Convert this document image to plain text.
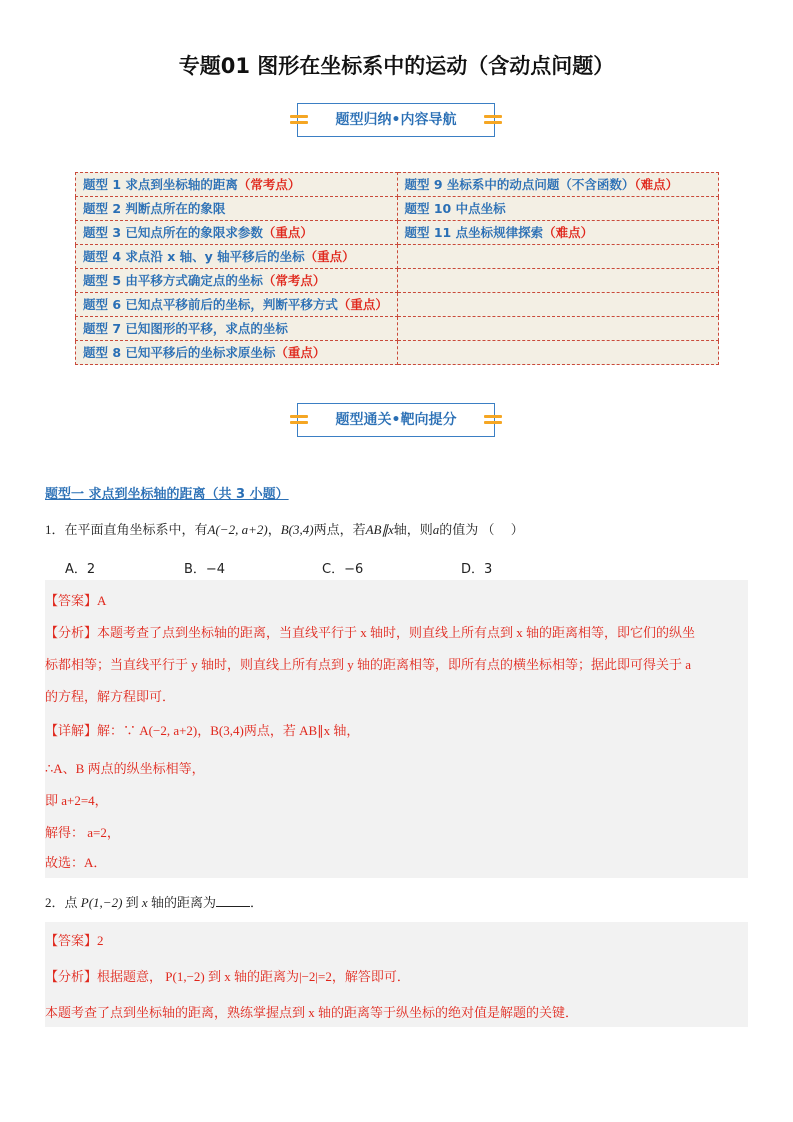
专题01 图形在坐标系中的运动（含动点问题）
题型归纳•内容导航
题型 1 求点到坐标轴的距离（常考点）	题型 9 坐标系中的动点问题（不含函数）（难点）
题型 2 判断点所在的象限	题型 10 中点坐标
题型 3 已知点所在的象限求参数（重点）	题型 11 点坐标规律探索（难点）
题型 4 求点沿 x 轴、y 轴平移后的坐标（重点）	
题型 5 由平移方式确定点的坐标（常考点）	
题型 6 已知点平移前后的坐标，判断平移方式（重点）	
题型 7 已知图形的平移，求点的坐标	
题型 8 已知平移后的坐标求原坐标（重点）	
题型通关•靶向提分
题型一 求点到坐标轴的距离（共 3 小题）
1．在平面直角坐标系中，有A(−2, a+2)，B(3,4)两点，若AB∥x轴，则a的值为 （　 ）
A．2	B．−4	C．−6	D．3
【答案】A
【分析】本题考查了点到坐标轴的距离，当直线平行于 x 轴时，则直线上所有点到 x 轴的距离相等，即它们的纵坐
标都相等；当直线平行于 y 轴时，则直线上所有点到 y 轴的距离相等，即所有点的横坐标相等；据此即可得关于 a
的方程，解方程即可．
【详解】解：∵ A(−2, a+2)，B(3,4)两点，若 AB∥x 轴，
∴A、B 两点的纵坐标相等，
即 a+2=4，
解得： a=2，
故选：A．
2．点 P(1,−2) 到 x 轴的距离为	．
【答案】2
【分析】根据题意， P(1,−2) 到 x 轴的距离为|−2|=2，解答即可．
本题考查了点到坐标轴的距离，熟练掌握点到 x 轴的距离等于纵坐标的绝对值是解题的关键．
